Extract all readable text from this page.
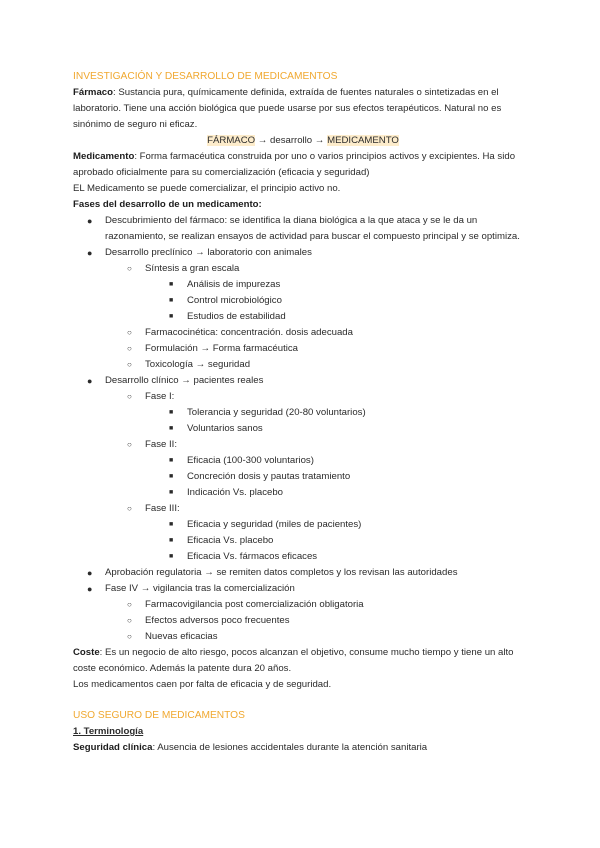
INVESTIGACIÓN Y DESARROLLO DE MEDICAMENTOS

Fármaco: Sustancia pura, químicamente definida, extraída de fuentes naturales o sintetizadas en el laboratorio. Tiene una acción biológica que puede usarse por sus efectos terapéuticos. Natural no es sinónimo de seguro ni eficaz.

FÁRMACO → desarrollo → MEDICAMENTO

Medicamento: Forma farmacéutica construida por uno o varios principios activos y excipientes. Ha sido aprobado oficialmente para su comercialización (eficacia y seguridad)

EL Medicamento se puede comercializar, el principio activo no.

Fases del desarrollo de un medicamento:

● Descubrimiento del fármaco: se identifica la diana biológica a la que ataca y se le da un razonamiento, se realizan ensayos de actividad para buscar el compuesto principal y se optimiza.
● Desarrollo preclínico → laboratorio con animales
○ Síntesis a gran escala
■ Análisis de impurezas
■ Control microbiológico
■ Estudios de estabilidad
○ Farmacocinética: concentración. dosis adecuada
○ Formulación → Forma farmacéutica
○ Toxicología → seguridad
● Desarrollo clínico → pacientes reales
○ Fase I:
■ Tolerancia y seguridad (20-80 voluntarios)
■ Voluntarios sanos
○ Fase II:
■ Eficacia (100-300 voluntarios)
■ Concreción dosis y pautas tratamiento
■ Indicación Vs. placebo
○ Fase III:
■ Eficacia y seguridad (miles de pacientes)
■ Eficacia Vs. placebo
■ Eficacia Vs. fármacos eficaces
● Aprobación regulatoria → se remiten datos completos y los revisan las autoridades
● Fase IV → vigilancia tras la comercialización
○ Farmacovigilancia post comercialización obligatoria
○ Efectos adversos poco frecuentes
○ Nuevas eficacias

Coste: Es un negocio de alto riesgo, pocos alcanzan el objetivo, consume mucho tiempo y tiene un alto coste económico. Además la patente dura 20 años.

Los medicamentos caen por falta de eficacia y de seguridad.

USO SEGURO DE MEDICAMENTOS

1. Terminología

Seguridad clínica: Ausencia de lesiones accidentales durante la atención sanitaria
